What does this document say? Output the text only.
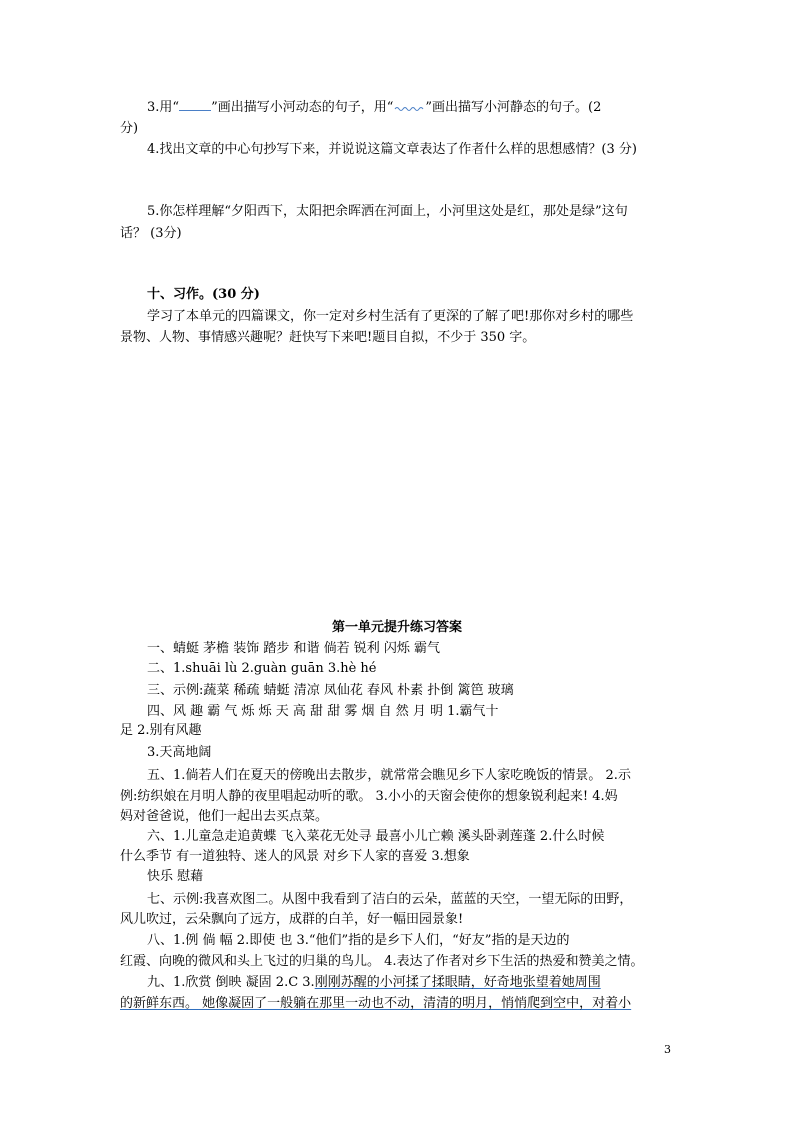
3.用“ ”画出描写小河动态的句子，用“ ”画出描写小河静态的句子。(2
分)
4.找出文章的中心句抄写下来，并说说这篇文章表达了作者什么样的思想感情？(3 分)
5.你怎样理解“夕阳西下，太阳把余晖洒在河面上，小河里这处是红，那处是绿”这句
话？ (3分)
十、习作。(30 分)
学习了本单元的四篇课文，你一定对乡村生活有了更深的了解了吧!那你对乡村的哪些
景物、人物、事情感兴趣呢？赶快写下来吧!题目自拟，不少于 350 字。
第一单元提升练习答案
一、蜻蜓 茅檐 装饰 踏步 和谐 倘若 锐利 闪烁 霸气
二、1.shuāi lù 2.guàn guān 3.hè hé
三、示例:蔬菜 稀疏 蜻蜓 清凉 凤仙花 春风 朴素 扑倒 篱笆 玻璃
四、风 趣 霸 气 烁 烁 天 高 甜 甜 雾 烟 自 然 月 明 1.霸气十
足 2.别有风趣
3.天高地阔
五、1.倘若人们在夏天的傍晚出去散步，就常常会瞧见乡下人家吃晚饭的情景。 2.示
例:纺织娘在月明人静的夜里唱起动听的歌。 3.小小的天窗会使你的想象锐利起来! 4.妈
妈对爸爸说，他们一起出去买点菜。
六、1.儿童急走追黄蝶 飞入菜花无处寻 最喜小儿亡赖 溪头卧剥莲蓬 2.什么时候
什么季节 有一道独特、迷人的风景 对乡下人家的喜爱 3.想象
快乐 慰藉
七、示例:我喜欢图二。从图中我看到了洁白的云朵，蓝蓝的天空，一望无际的田野，
风儿吹过，云朵飘向了远方，成群的白羊，好一幅田园景象!
八、1.例 倘 幅 2.即使 也 3.“他们”指的是乡下人们，“好友”指的是天边的
红霞、向晚的微风和头上飞过的归巢的鸟儿。 4.表达了作者对乡下生活的热爱和赞美之情。
九、1.欣赏 倒映 凝固 2.C 3.刚刚苏醒的小河揉了揉眼睛，好奇地张望着她周围
的新鲜东西。 她像凝固了一般躺在那里一动也不动，清清的明月，悄悄爬到空中，对着小
3
